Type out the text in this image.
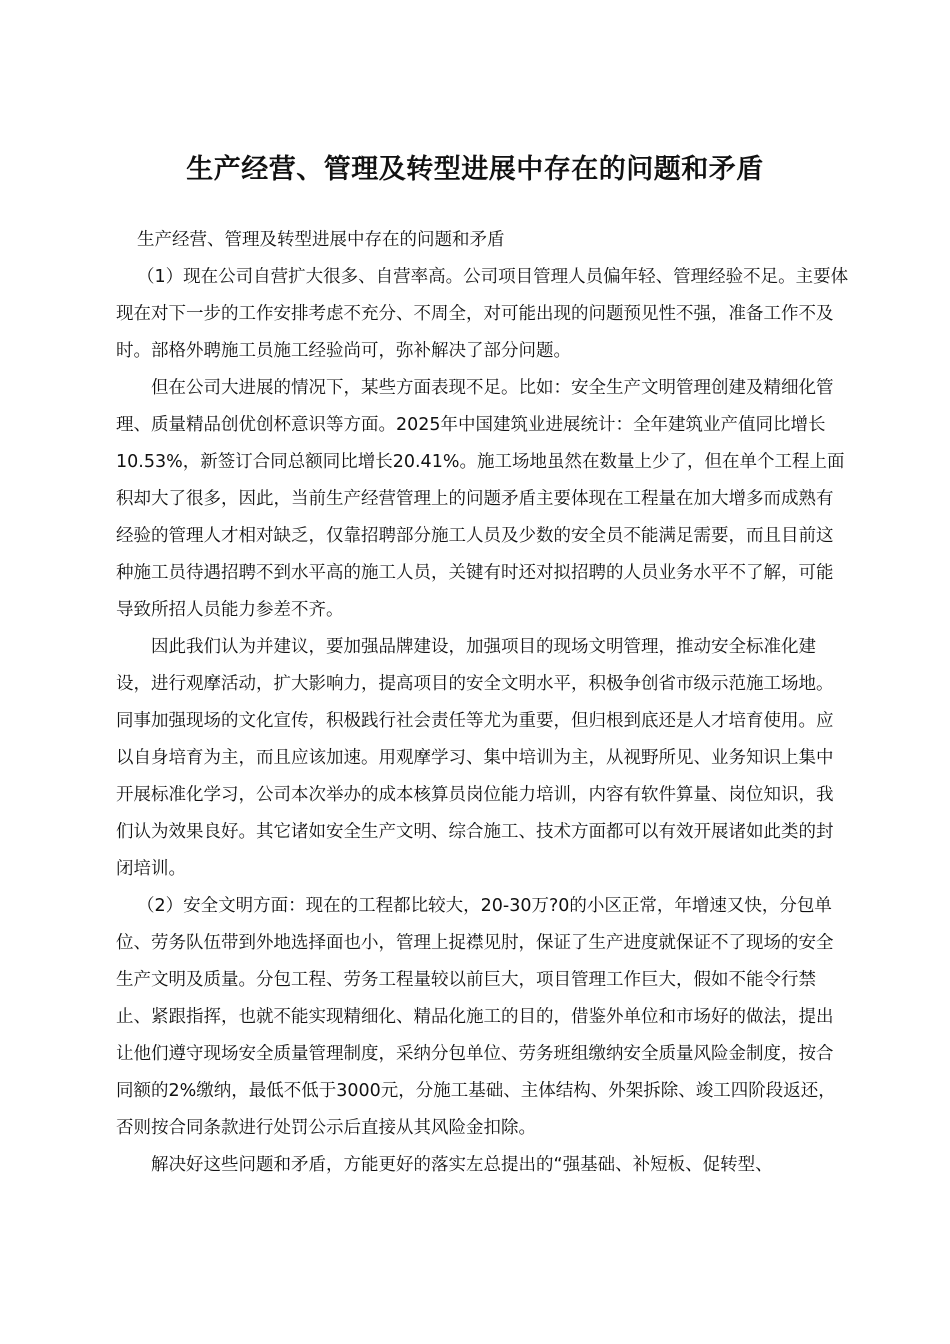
生产经营、管理及转型进展中存在的问题和矛盾

生产经营、管理及转型进展中存在的问题和矛盾

（1）现在公司自营扩大很多、自营率高。公司项目管理人员偏年轻、管理经验不足。主要体现在对下一步的工作安排考虑不充分、不周全，对可能出现的问题预见性不强，准备工作不及时。部格外聘施工员施工经验尚可，弥补解决了部分问题。

但在公司大进展的情况下，某些方面表现不足。比如：安全生产文明管理创建及精细化管理、质量精品创优创杯意识等方面。2025年中国建筑业进展统计：全年建筑业产值同比增长10.53%，新签订合同总额同比增长20.41%。施工场地虽然在数量上少了，但在单个工程上面积却大了很多，因此，当前生产经营管理上的问题矛盾主要体现在工程量在加大增多而成熟有经验的管理人才相对缺乏，仅靠招聘部分施工人员及少数的安全员不能满足需要，而且目前这种施工员待遇招聘不到水平高的施工人员，关键有时还对拟招聘的人员业务水平不了解，可能导致所招人员能力参差不齐。

因此我们认为并建议，要加强品牌建设，加强项目的现场文明管理，推动安全标准化建设，进行观摩活动，扩大影响力，提高项目的安全文明水平，积极争创省市级示范施工场地。同事加强现场的文化宣传，积极践行社会责任等尤为重要，但归根到底还是人才培育使用。应以自身培育为主，而且应该加速。用观摩学习、集中培训为主，从视野所见、业务知识上集中开展标准化学习，公司本次举办的成本核算员岗位能力培训，内容有软件算量、岗位知识，我们认为效果良好。其它诸如安全生产文明、综合施工、技术方面都可以有效开展诸如此类的封闭培训。

（2）安全文明方面：现在的工程都比较大，20-30万?0的小区正常，年增速又快，分包单位、劳务队伍带到外地选择面也小，管理上捉襟见肘，保证了生产进度就保证不了现场的安全生产文明及质量。分包工程、劳务工程量较以前巨大，项目管理工作巨大，假如不能令行禁止、紧跟指挥，也就不能实现精细化、精品化施工的目的，借鉴外单位和市场好的做法，提出让他们遵守现场安全质量管理制度，采纳分包单位、劳务班组缴纳安全质量风险金制度，按合同额的2%缴纳，最低不低于3000元，分施工基础、主体结构、外架拆除、竣工四阶段返还，否则按合同条款进行处罚公示后直接从其风险金扣除。

解决好这些问题和矛盾，方能更好的落实左总提出的“强基础、补短板、促转型、
